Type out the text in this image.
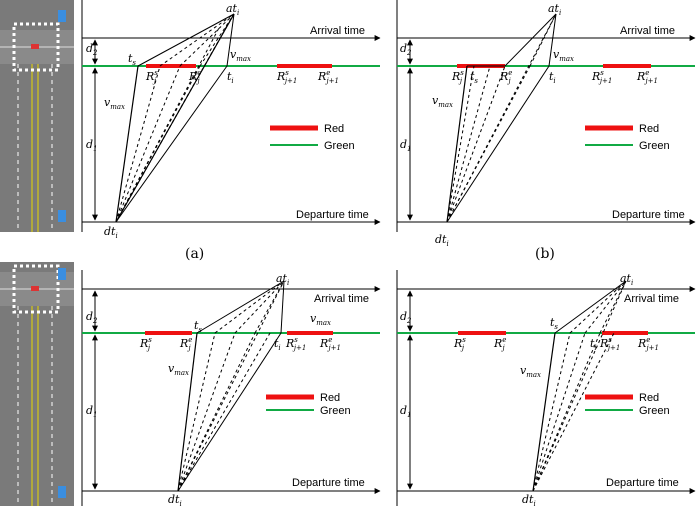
Arrival time
Departure time
Red
Green
$at_i$
$dt_i$
$d_2$
$d_1$
$v_{max}$
$v_{max}$
$t_s$
$t_i$
$R^s$ j	$R^e$ j	$R^s$ j+1 $R^e$ j+1
Arrival time
Departure time
Red
Green
$at_i$
$dt_i$
$d_2$
$d_1$
$v_{max}$
$v_{max}$
$t_s$	$t_i$
$R^s$ j	$R^e$ j	$R^s$ j+1 $R^e$ j+1
(a)	(b)
Arrival time
Departure time
Red
Green
$at_i$
$dt_i$
$d_2$
$d_1$
$v_{max}$
$v_{max}$
$t_s$
$t_i$
$R^s$ j	$R^e$ j	$R^s$ j+1 $R^e$ j+1
Arrival time
Departure time
Red
Green
$at_i$
$dt_i$
$d_2$
$d_1$
$v_{max}$
$t_s$
$t_i$
$R^s$ j	$R^e$ j	$R^s$ j+1 $R^e$ j+1
